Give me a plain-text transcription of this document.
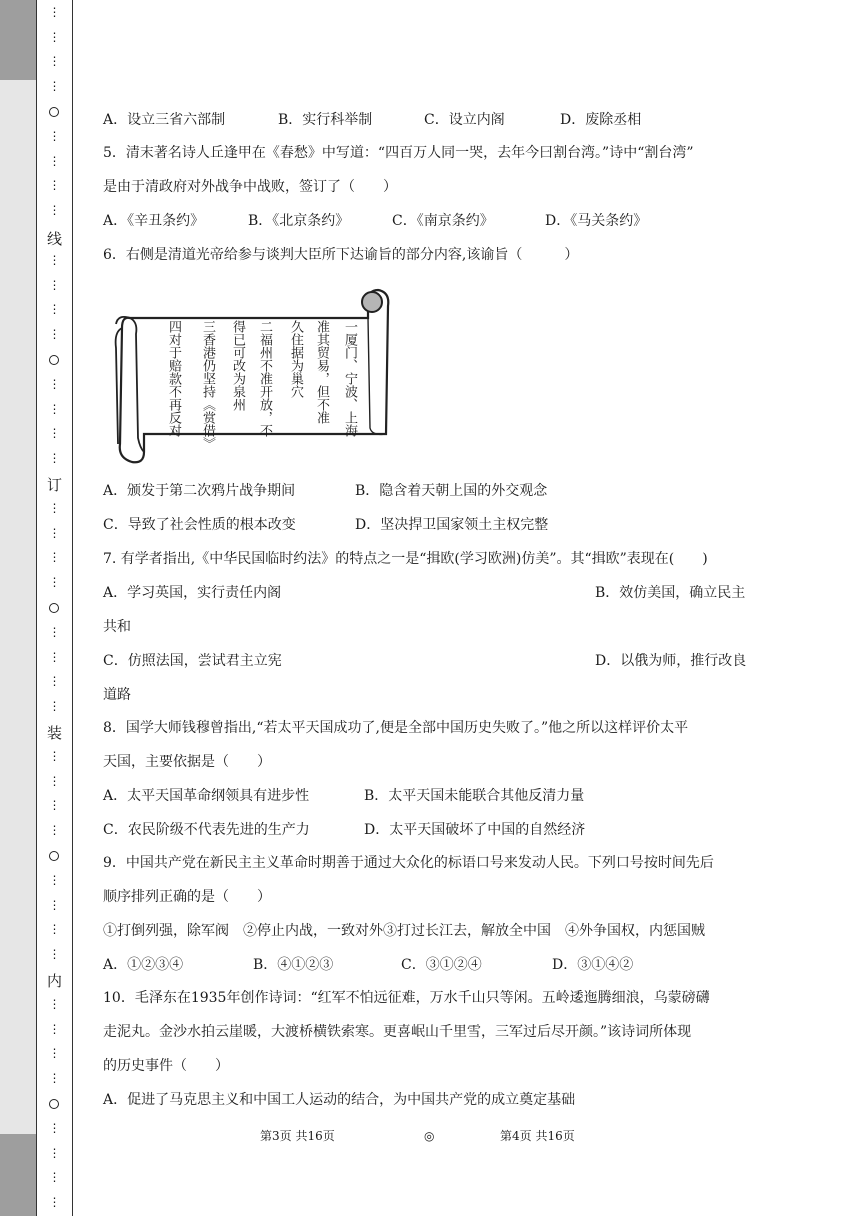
⋮
⋮
⋮
⋮
⋮
⋮
⋮
⋮
线
⋮
⋮
⋮
⋮
⋮
⋮
⋮
⋮
订
⋮
⋮
⋮
⋮
⋮
⋮
⋮
⋮
装
⋮
⋮
⋮
⋮
⋮
⋮
⋮
⋮
内
⋮
⋮
⋮
⋮
⋮
⋮
⋮
⋮
A．设立三省六部制	B．实行科举制	C．设立内阁	D．废除丞相
5．清末著名诗人丘逢甲在《春愁》中写道：“四百万人同一哭，去年今曰割台湾。”诗中“割台湾”
是由于清政府对外战争中战败，签订了（　　）
A．《辛丑条约》	B．《北京条约》	C．《南京条约》	D．《马关条约》
6．右侧是清道光帝给参与谈判大臣所下达谕旨的部分内容,该谕旨（　　　）
一厦门、宁波、上海
准其贸易，但不准
久住据为巢穴
二福州不准开放，不
得已可改为泉州
三香港仍坚持《赏借》
四对于赔款不再反对
A．颁发于第二次鸦片战争期间	B．隐含着天朝上国的外交观念
C．导致了社会性质的根本改变	D．坚决捍卫国家领土主权完整
7. 有学者指出,《中华民国临时约法》的特点之一是“揖欧(学习欧洲)仿美”。其“揖欧”表现在(　　)
A．学习英国，实行责任内阁	B．效仿美国，确立民主
共和
C．仿照法国，尝试君主立宪	D．以俄为师，推行改良
道路
8．国学大师钱穆曾指出,“若太平天国成功了,便是全部中国历史失败了。”他之所以这样评价太平
天国，主要依据是（　　）
A．太平天国革命纲领具有进步性	B．太平天国未能联合其他反清力量
C．农民阶级不代表先进的生产力	D．太平天国破坏了中国的自然经济
9．中国共产党在新民主主义革命时期善于通过大众化的标语口号来发动人民。下列口号按时间先后
顺序排列正确的是（　　）
①打倒列强，除军阀　②停止内战，一致对外③打过长江去，解放全中国　④外争国权，内惩国贼
A．①②③④	B．④①②③	C．③①②④	D．③①④②
10．毛泽东在1935年创作诗词：“红军不怕远征难，万水千山只等闲。五岭逶迤腾细浪，乌蒙磅礴
走泥丸。金沙水拍云崖暖，大渡桥横铁索寒。更喜岷山千里雪，三军过后尽开颜。”该诗词所体现
的历史事件（　　）
A．促进了马克思主义和中国工人运动的结合，为中国共产党的成立奠定基础
第3页 共16页	◎	第4页 共16页
